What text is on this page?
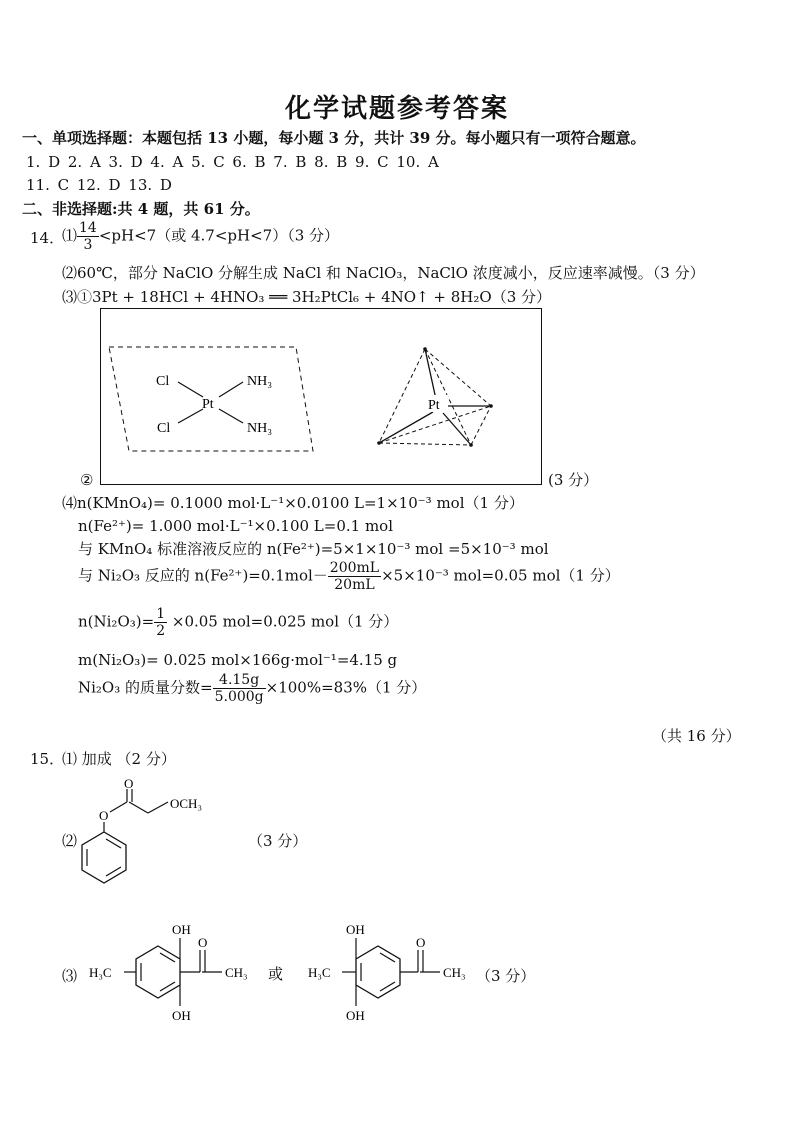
化学试题参考答案
一、单项选择题：本题包括 13 小题，每小题 3 分，共计 39 分。每小题只有一项符合题意。
1. D 2. A 3. D 4. A 5. C 6. B 7. B 8. B 9. C 10. A
11. C 12. D 13. D
二、非选择题:共 4 题，共 61 分。
14．
⑴ $\frac{14}{3} <pH<7$（或 4.7<pH<7）（3 分）
⑵60℃，部分 NaClO 分解生成 NaCl 和 NaClO₃，NaClO 浓度减小，反应速率减慢。（3 分）
⑶①3Pt + 18HCl + 4HNO₃ ══ 3H₂PtCl₆ + 4NO↑ + 8H₂O（3 分）
②
Cl
Cl
Pt
NH₃
NH₃
Pt
(3 分）
⑷n(KMnO₄)= 0.1000 mol·L⁻¹×0.0100 L=1×10⁻³ mol（1 分）
n(Fe²⁺)= 1.000 mol·L⁻¹×0.100 L=0.1 mol
与 KMnO₄ 标准溶液反应的 n(Fe²⁺)=5×1×10⁻³ mol =5×10⁻³ mol
与 Ni₂O₃ 反应的 $n(Fe^{2+})=0.1mol- \frac{200mL}{20mL} \times 5\times 10^{-3}$ mol=0.05 mol（1 分）
$n(Ni_2O_3)= \frac{1}{2} \times 0.05$ mol=0.025 mol（1 分）
m(Ni₂O₃)= 0.025 mol×166g·mol⁻¹=4.15 g
Ni₂O₃ 的质量分数= $\frac{4.15g}{5.000g} \times 100\%=83\%(1$ 分）
（共 16 分）
15．
⑴ 加成 （2 分）
⑵
O
O
OCH₃
（3 分）
⑶
OH
OH
H₃C
O
CH₃ 或
OH
OH
H₃C
O
CH₃ （3 分）
